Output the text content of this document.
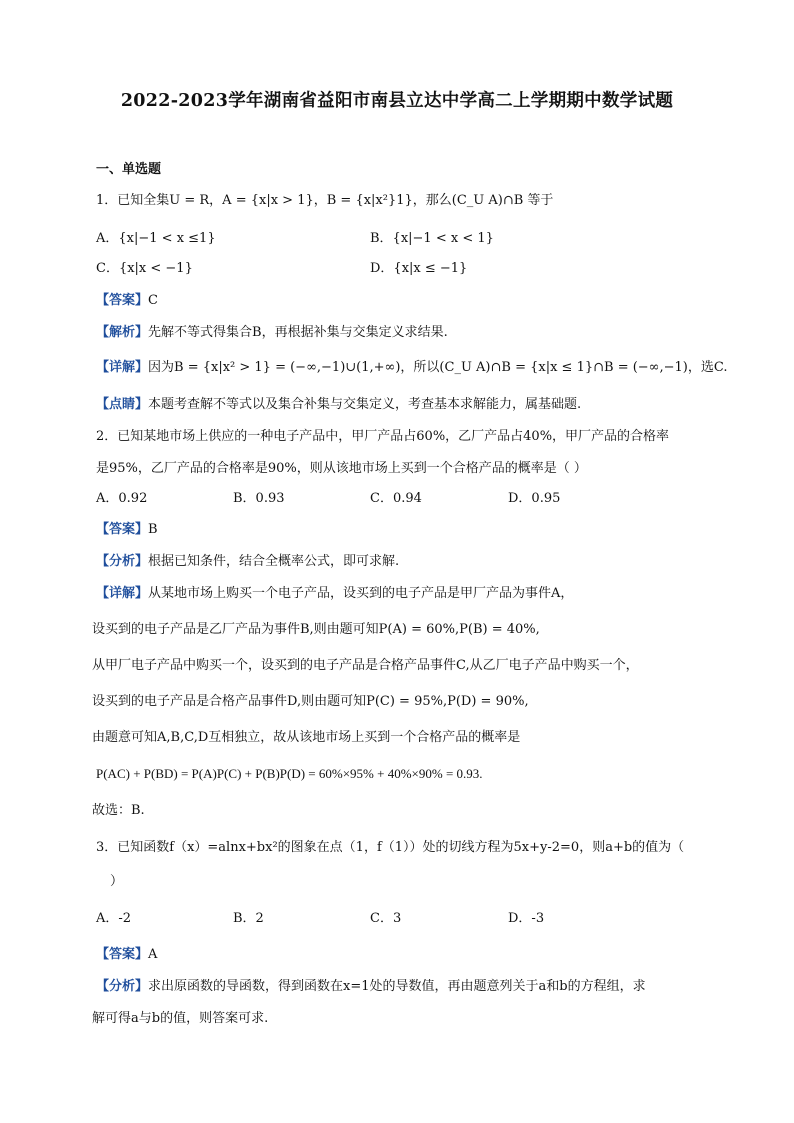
2022-2023学年湖南省益阳市南县立达中学高二上学期期中数学试题
一、单选题
1．已知全集U = R，A = {x|x > 1}，B = {x|x²}1}，那么(C_U A)∩B 等于
A．{x|−1 < x ≤1}	B．{x|−1 < x < 1}
C．{x|x < −1}	D．{x|x ≤ −1}
【答案】C
【解析】先解不等式得集合B，再根据补集与交集定义求结果.
【详解】因为B = {x|x² > 1} = (−∞,−1)∪(1,+∞)，所以(C_U A)∩B = {x|x ≤ 1}∩B = (−∞,−1)，选C.
【点睛】本题考查解不等式以及集合补集与交集定义，考查基本求解能力，属基础题.
2．已知某地市场上供应的一种电子产品中，甲厂产品占60%，乙厂产品占40%，甲厂产品的合格率
是95%，乙厂产品的合格率是90%，则从该地市场上买到一个合格产品的概率是（ ）
A．0.92	B．0.93	C．0.94	D．0.95
【答案】B
【分析】根据已知条件，结合全概率公式，即可求解.
【详解】从某地市场上购买一个电子产品，设买到的电子产品是甲厂产品为事件A，
设买到的电子产品是乙厂产品为事件B,则由题可知P(A) = 60%,P(B) = 40%,
从甲厂电子产品中购买一个，设买到的电子产品是合格产品事件C,从乙厂电子产品中购买一个，
设买到的电子产品是合格产品事件D,则由题可知P(C) = 95%,P(D) = 90%,
由题意可知A,B,C,D互相独立，故从该地市场上买到一个合格产品的概率是
P(AC) + P(BD) = P(A)P(C) + P(B)P(D) = 60%×95% + 40%×90% = 0.93.
故选：B.
3．已知函数f（x）=alnx+bx²的图象在点（1，f（1））处的切线方程为5x+y-2=0，则a+b的值为（
）
A．-2	B．2	C．3	D．-3
【答案】A
【分析】求出原函数的导函数，得到函数在x=1处的导数值，再由题意列关于a和b的方程组，求
解可得a与b的值，则答案可求.
